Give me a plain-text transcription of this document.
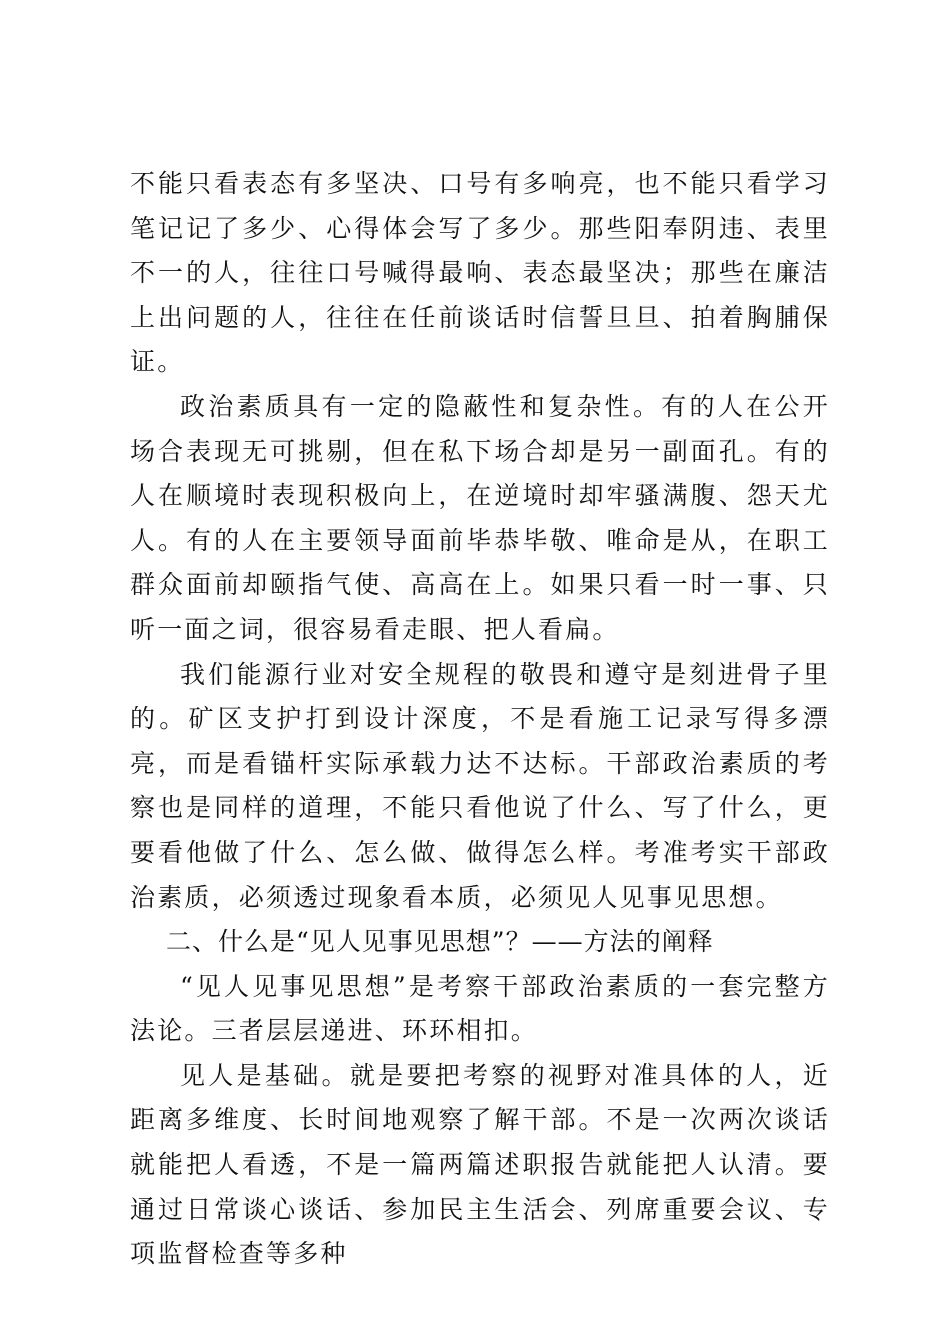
不能只看表态有多坚决、口号有多响亮，也不能只看学习笔记记了多少、心得体会写了多少。那些阳奉阴违、表里不一的人，往往口号喊得最响、表态最坚决；那些在廉洁上出问题的人，往往在任前谈话时信誓旦旦、拍着胸脯保证。

政治素质具有一定的隐蔽性和复杂性。有的人在公开场合表现无可挑剔，但在私下场合却是另一副面孔。有的人在顺境时表现积极向上，在逆境时却牢骚满腹、怨天尤人。有的人在主要领导面前毕恭毕敬、唯命是从，在职工群众面前却颐指气使、高高在上。如果只看一时一事、只听一面之词，很容易看走眼、把人看扁。

我们能源行业对安全规程的敬畏和遵守是刻进骨子里的。矿区支护打到设计深度，不是看施工记录写得多漂亮，而是看锚杆实际承载力达不达标。干部政治素质的考察也是同样的道理，不能只看他说了什么、写了什么，更要看他做了什么、怎么做、做得怎么样。考准考实干部政治素质，必须透过现象看本质，必须见人见事见思想。

二、什么是“见人见事见思想”？——方法的阐释

“见人见事见思想”是考察干部政治素质的一套完整方法论。三者层层递进、环环相扣。

见人是基础。就是要把考察的视野对准具体的人，近距离多维度、长时间地观察了解干部。不是一次两次谈话就能把人看透，不是一篇两篇述职报告就能把人认清。要通过日常谈心谈话、参加民主生活会、列席重要会议、专项监督检查等多种
